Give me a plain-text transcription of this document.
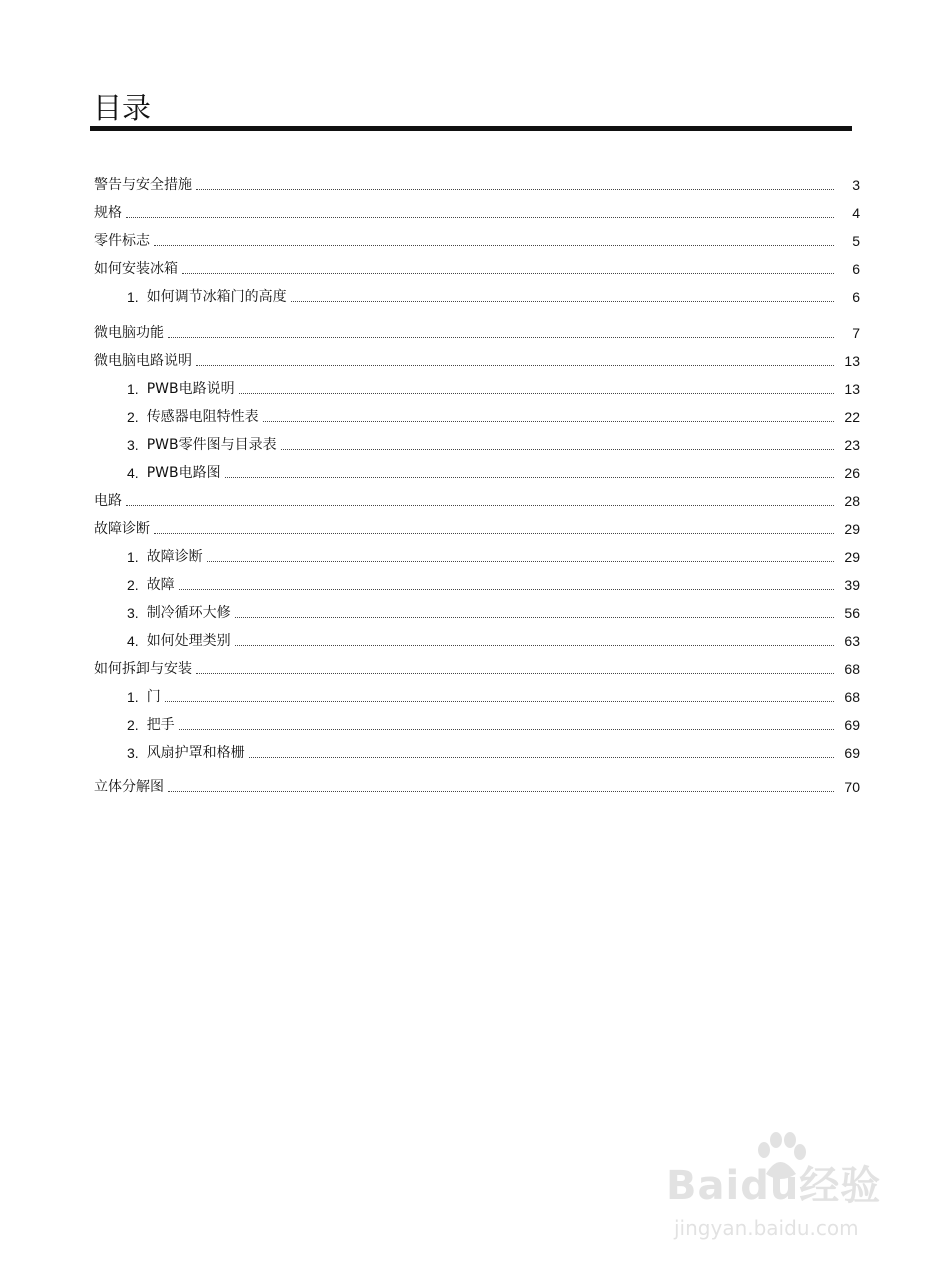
目录
警告与安全措施	3
规格	4
零件标志	5
如何安装冰箱	6
1. 如何调节冰箱门的高度	6
微电脑功能	7
微电脑电路说明	13
1. PWB电路说明	13
2. 传感器电阻特性表	22
3. PWB零件图与目录表	23
4. PWB电路图	26
电路	28
故障诊断	29
1. 故障诊断	29
2. 故障	39
3. 制冷循环大修	56
4. 如何处理类别	63
如何拆卸与安装	68
1. 门	68
2. 把手	69
3. 风扇护罩和格栅	69
立体分解图	70
Baidu经验
jingyan.baidu.com
